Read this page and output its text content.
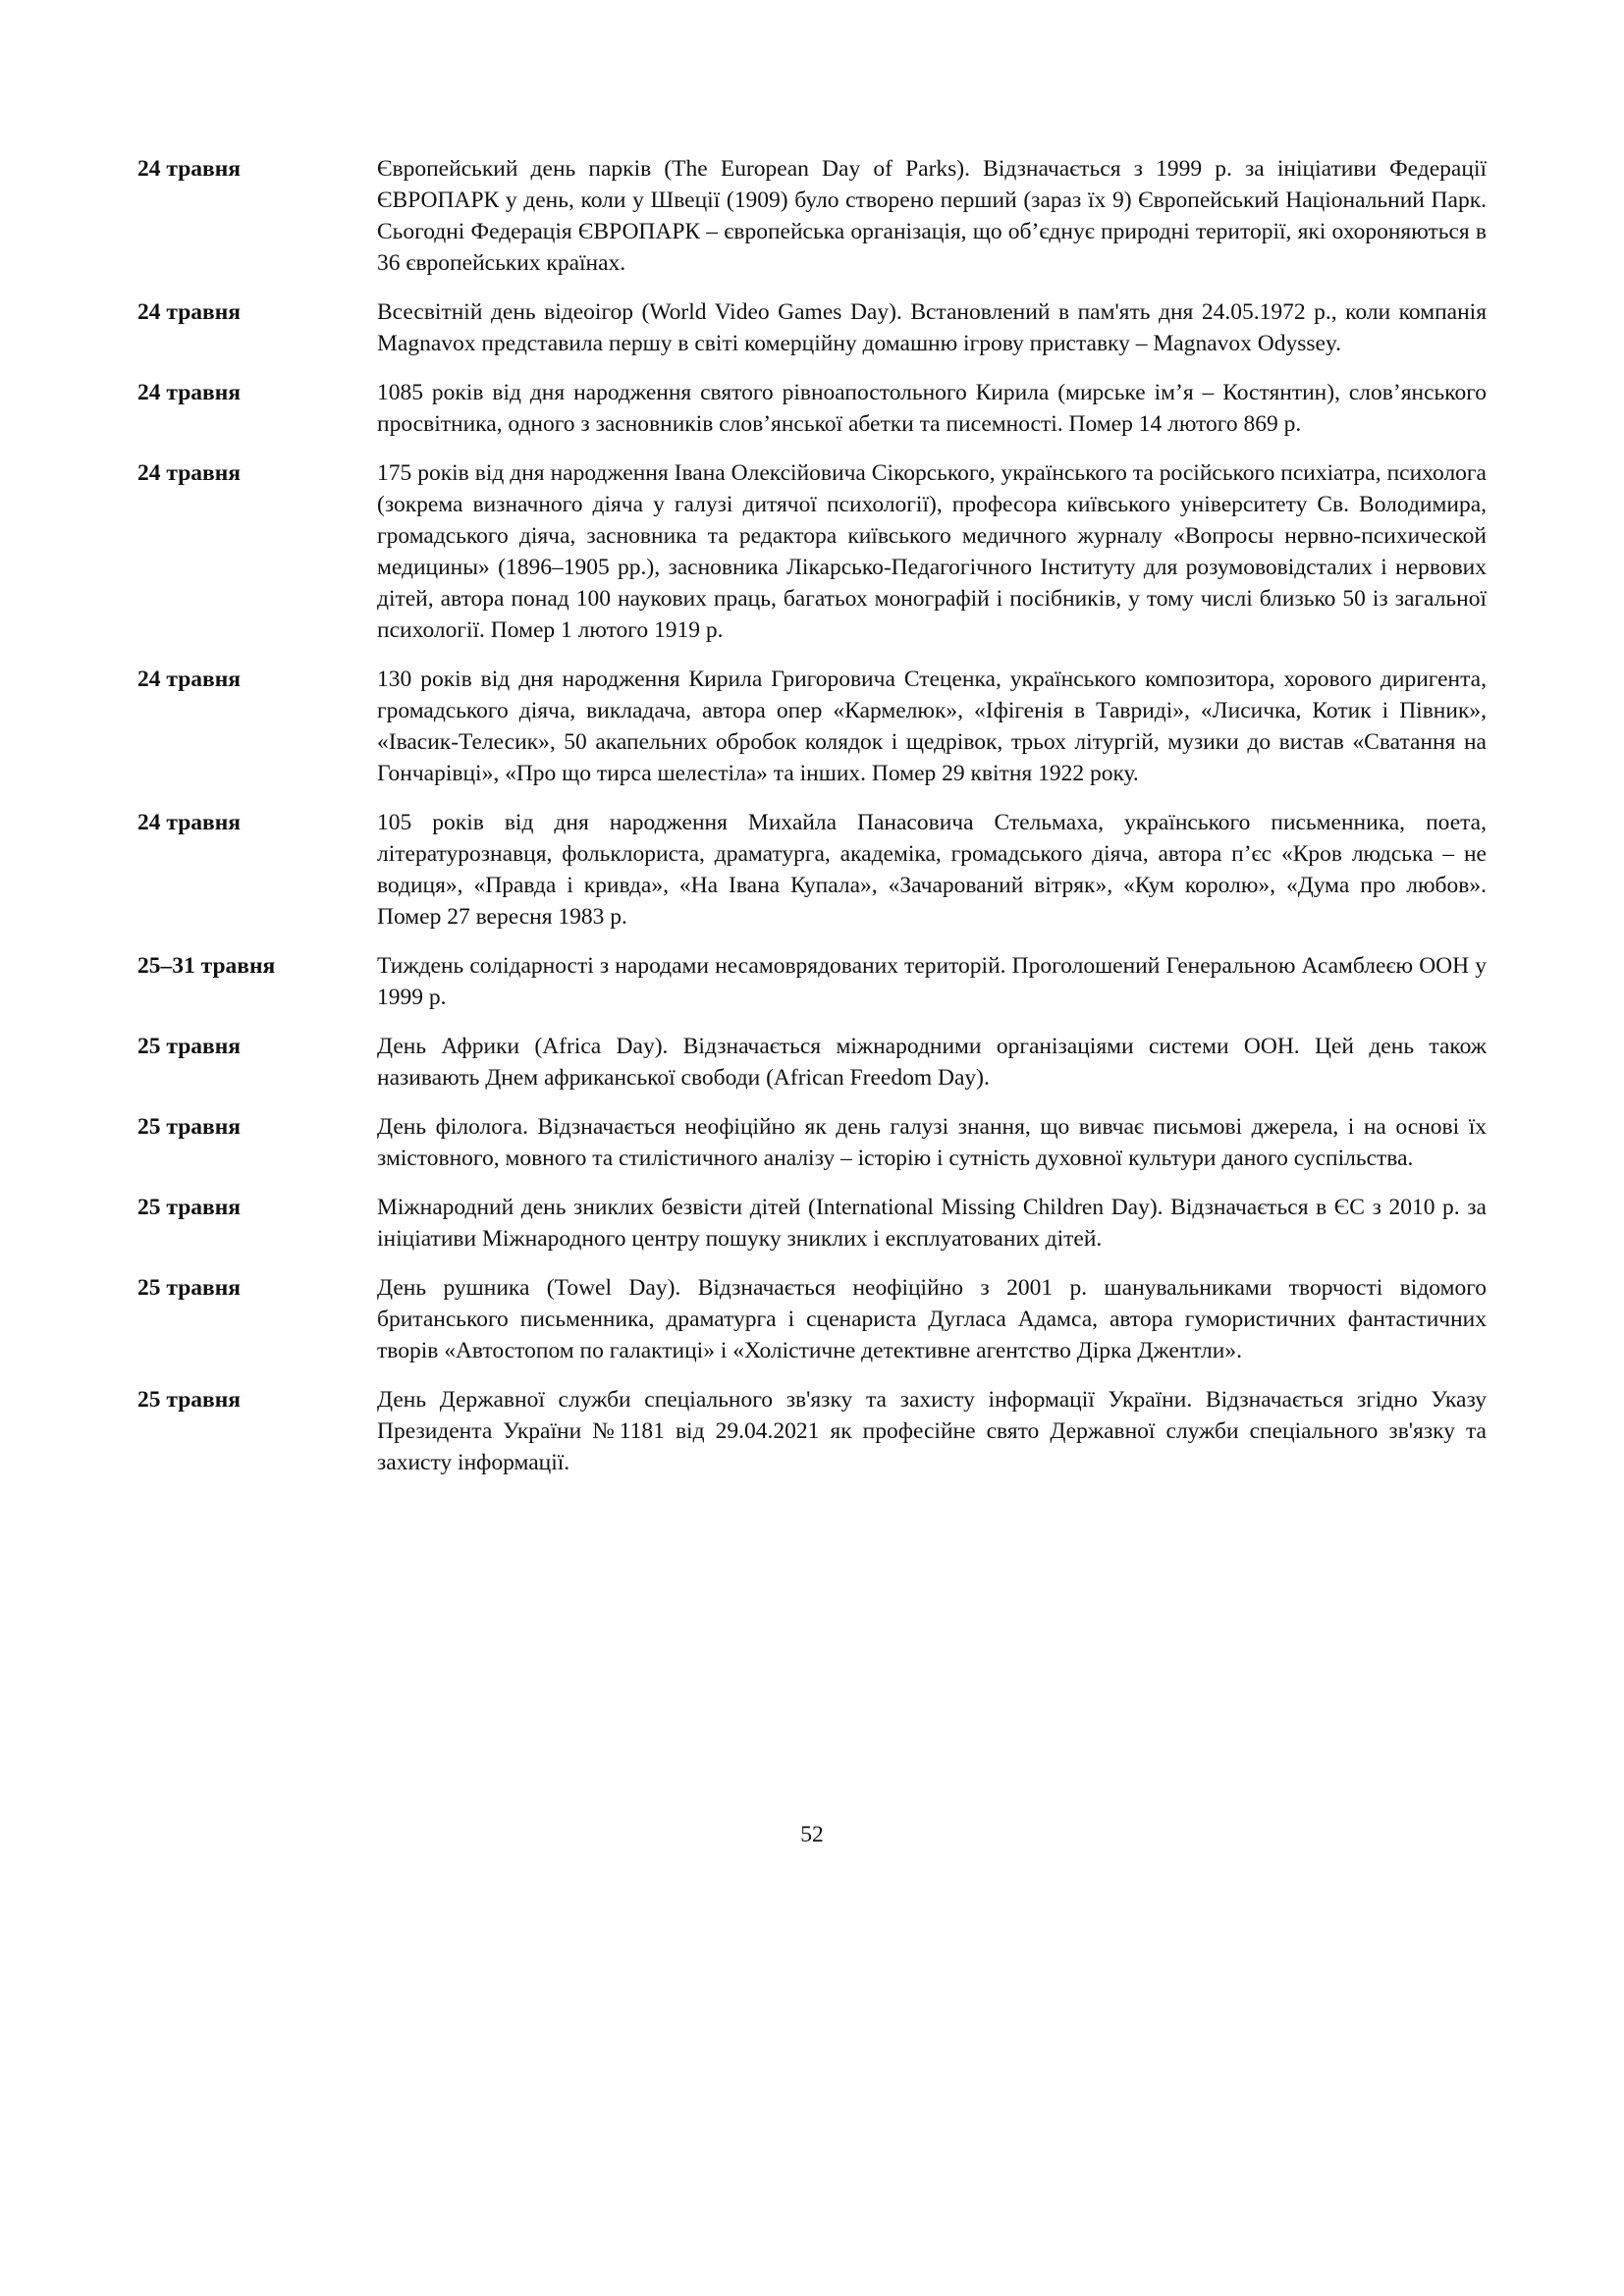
24 травня	Європейський день парків (The European Day of Parks). Відзначається з 1999 р. за ініціативи Федерації ЄВРОПАРК у день, коли у Швеції (1909) було створено перший (зараз їх 9) Європейський Національний Парк. Сьогодні Федерація ЄВРОПАРК – європейська організація, що об’єднує природні території, які охороняються в 36 європейських країнах.
24 травня	Всесвітній день відеоігор (World Video Games Day). Встановлений в пам'ять дня 24.05.1972 р., коли компанія Magnavox представила першу в світі комерційну домашню ігрову приставку – Magnavox Odyssey.
24 травня	1085 років від дня народження святого рівноапостольного Кирила (мирське ім’я – Костянтин), слов’янського просвітника, одного з засновників слов’янської абетки та писемності. Помер 14 лютого 869 р.
24 травня	175 років від дня народження Івана Олексійовича Сікорського, українського та російського психіатра, психолога (зокрема визначного діяча у галузі дитячої психології), професора київського університету Св. Володимира, громадського діяча, засновника та редактора київського медичного журналу «Вопросы нервно-психической медицины» (1896–1905 рр.), засновника Лікарсько-Педагогічного Інституту для розумововідсталих і нервових дітей, автора понад 100 наукових праць, багатьох монографій і посібників, у тому числі близько 50 із загальної психології. Помер 1 лютого 1919 р.
24 травня	130 років від дня народження Кирила Григоровича Стеценка, українського композитора, хорового диригента, громадського діяча, викладача, автора опер «Кармелюк», «Іфігенія в Тавриді», «Лисичка, Котик і Півник», «Івасик-Телесик», 50 акапельних обробок колядок і щедрівок, трьох літургій, музики до вистав «Сватання на Гончарівці», «Про що тирса шелестіла» та інших. Помер 29 квітня 1922 року.
24 травня	105 років від дня народження Михайла Панасовича Стельмаха, українського письменника, поета, літературознавця, фольклориста, драматурга, академіка, громадського діяча, автора п’єс «Кров людська – не водиця», «Правда і кривда», «На Івана Купала», «Зачарований вітряк», «Кум королю», «Дума про любов». Помер 27 вересня 1983 р.
25–31 травня	Тиждень солідарності з народами несамоврядованих територій. Проголошений Генеральною Асамблеєю ООН у 1999 р.
25 травня	День Африки (Africa Day). Відзначається міжнародними організаціями системи ООН. Цей день також називають Днем африканської свободи (African Freedom Day).
25 травня	День філолога. Відзначається неофіційно як день галузі знання, що вивчає письмові джерела, і на основі їх змістовного, мовного та стилістичного аналізу – історію і сутність духовної культури даного суспільства.
25 травня	Міжнародний день зниклих безвісти дітей (International Missing Children Day). Відзначається в ЄС з 2010 р. за ініціативи Міжнародного центру пошуку зниклих і експлуатованих дітей.
25 травня	День рушника (Towel Day). Відзначається неофіційно з 2001 р. шанувальниками творчості відомого британського письменника, драматурга і сценариста Дугласа Адамса, автора гумористичних фантастичних творів «Автостопом по галактиці» і «Холістичне детективне агентство Дірка Джентли».
25 травня	День Державної служби спеціального зв'язку та захисту інформації України. Відзначається згідно Указу Президента України №1181 від 29.04.2021 як професійне свято Державної служби спеціального зв'язку та захисту інформації.
52
